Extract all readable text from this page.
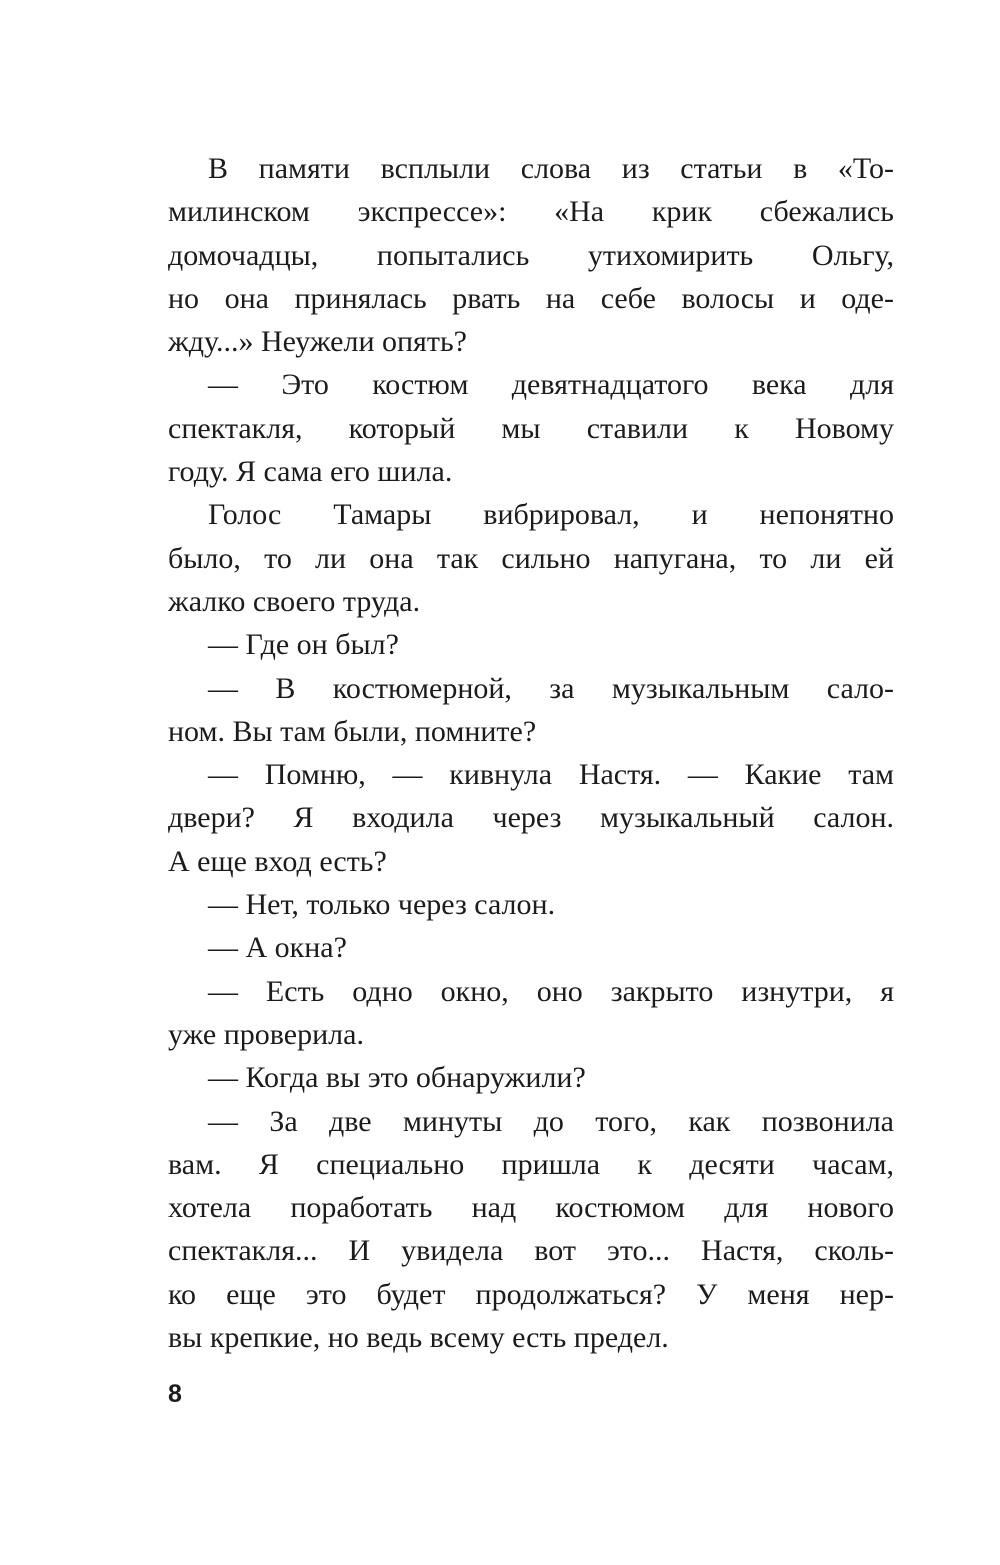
В памяти всплыли слова из статьи в «То-
милинском экспрессе»: «На крик сбежались
домочадцы, попытались утихомирить Ольгу,
но она принялась рвать на себе волосы и оде-
жду...» Неужели опять?

— Это костюм девятнадцатого века для
спектакля, который мы ставили к Новому
году. Я сама его шила.

Голос Тамары вибрировал, и непонятно
было, то ли она так сильно напугана, то ли ей
жалко своего труда.

— Где он был?

— В костюмерной, за музыкальным сало-
ном. Вы там были, помните?

— Помню, — кивнула Настя. — Какие там
двери? Я входила через музыкальный салон.
А еще вход есть?

— Нет, только через салон.

— А окна?

— Есть одно окно, оно закрыто изнутри, я
уже проверила.

— Когда вы это обнаружили?

— За две минуты до того, как позвонила
вам. Я специально пришла к десяти часам,
хотела поработать над костюмом для нового
спектакля... И увидела вот это... Настя, сколь-
ко еще это будет продолжаться? У меня нер-
вы крепкие, но ведь всему есть предел.

8
